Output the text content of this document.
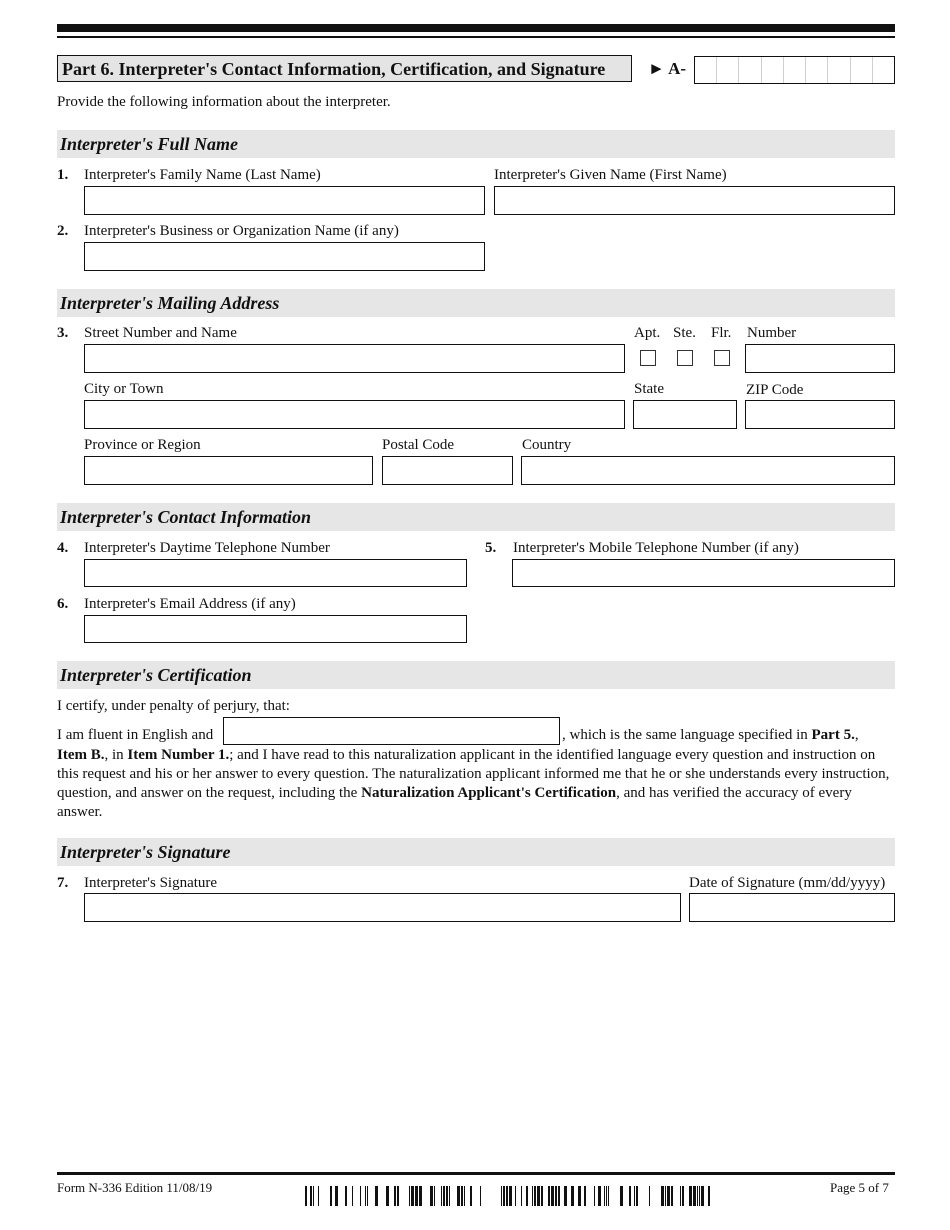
Part 6. Interpreter's Contact Information, Certification, and Signature	► A-
Provide the following information about the interpreter.
Interpreter's Full Name
1. Interpreter's Family Name (Last Name)	Interpreter's Given Name (First Name)
2. Interpreter's Business or Organization Name (if any)
Interpreter's Mailing Address
3. Street Number and Name	Apt. Ste. Flr. Number
City or Town	State	ZIP Code
Province or Region	Postal Code	Country
Interpreter's Contact Information
4. Interpreter's Daytime Telephone Number	5. Interpreter's Mobile Telephone Number (if any)
6. Interpreter's Email Address (if any)
Interpreter's Certification
I certify, under penalty of perjury, that:
I am fluent in English and	, which is the same language specified in Part 5.,
Item B., in Item Number 1.; and I have read to this naturalization applicant in the identified language every question and instruction on this request and his or her answer to every question. The naturalization applicant informed me that he or she understands every instruction, question, and answer on the request, including the Naturalization Applicant's Certification, and has verified the accuracy of every answer.
Interpreter's Signature
7. Interpreter's Signature	Date of Signature (mm/dd/yyyy)
Form N-336 Edition 11/08/19	Page 5 of 7
